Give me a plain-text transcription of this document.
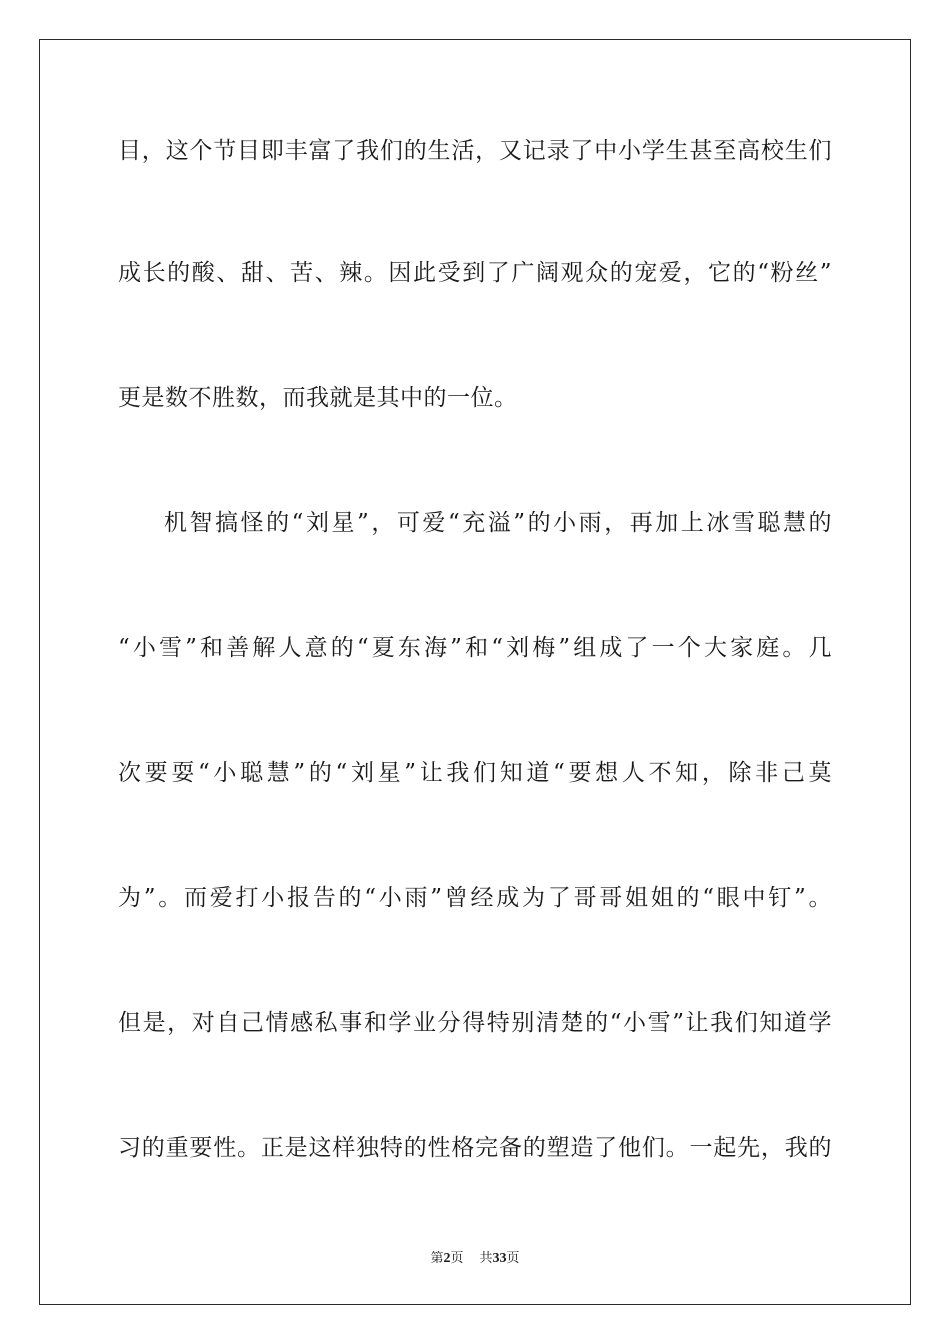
目，这个节目即丰富了我们的生活，又记录了中小学生甚至高校生们
成长的酸、甜、苦、辣。因此受到了广阔观众的宠爱，它的“粉丝”
更是数不胜数，而我就是其中的一位。
机智搞怪的“刘星”，可爱“充溢”的小雨，再加上冰雪聪慧的
“小雪”和善解人意的“夏东海”和“刘梅”组成了一个大家庭。几
次要耍“小聪慧”的“刘星”让我们知道“要想人不知，除非己莫
为”。而爱打小报告的“小雨”曾经成为了哥哥姐姐的“眼中钉”。
但是，对自己情感私事和学业分得特别清楚的“小雪”让我们知道学
习的重要性。正是这样独特的性格完备的塑造了他们。一起先，我的
第2页 共33页
